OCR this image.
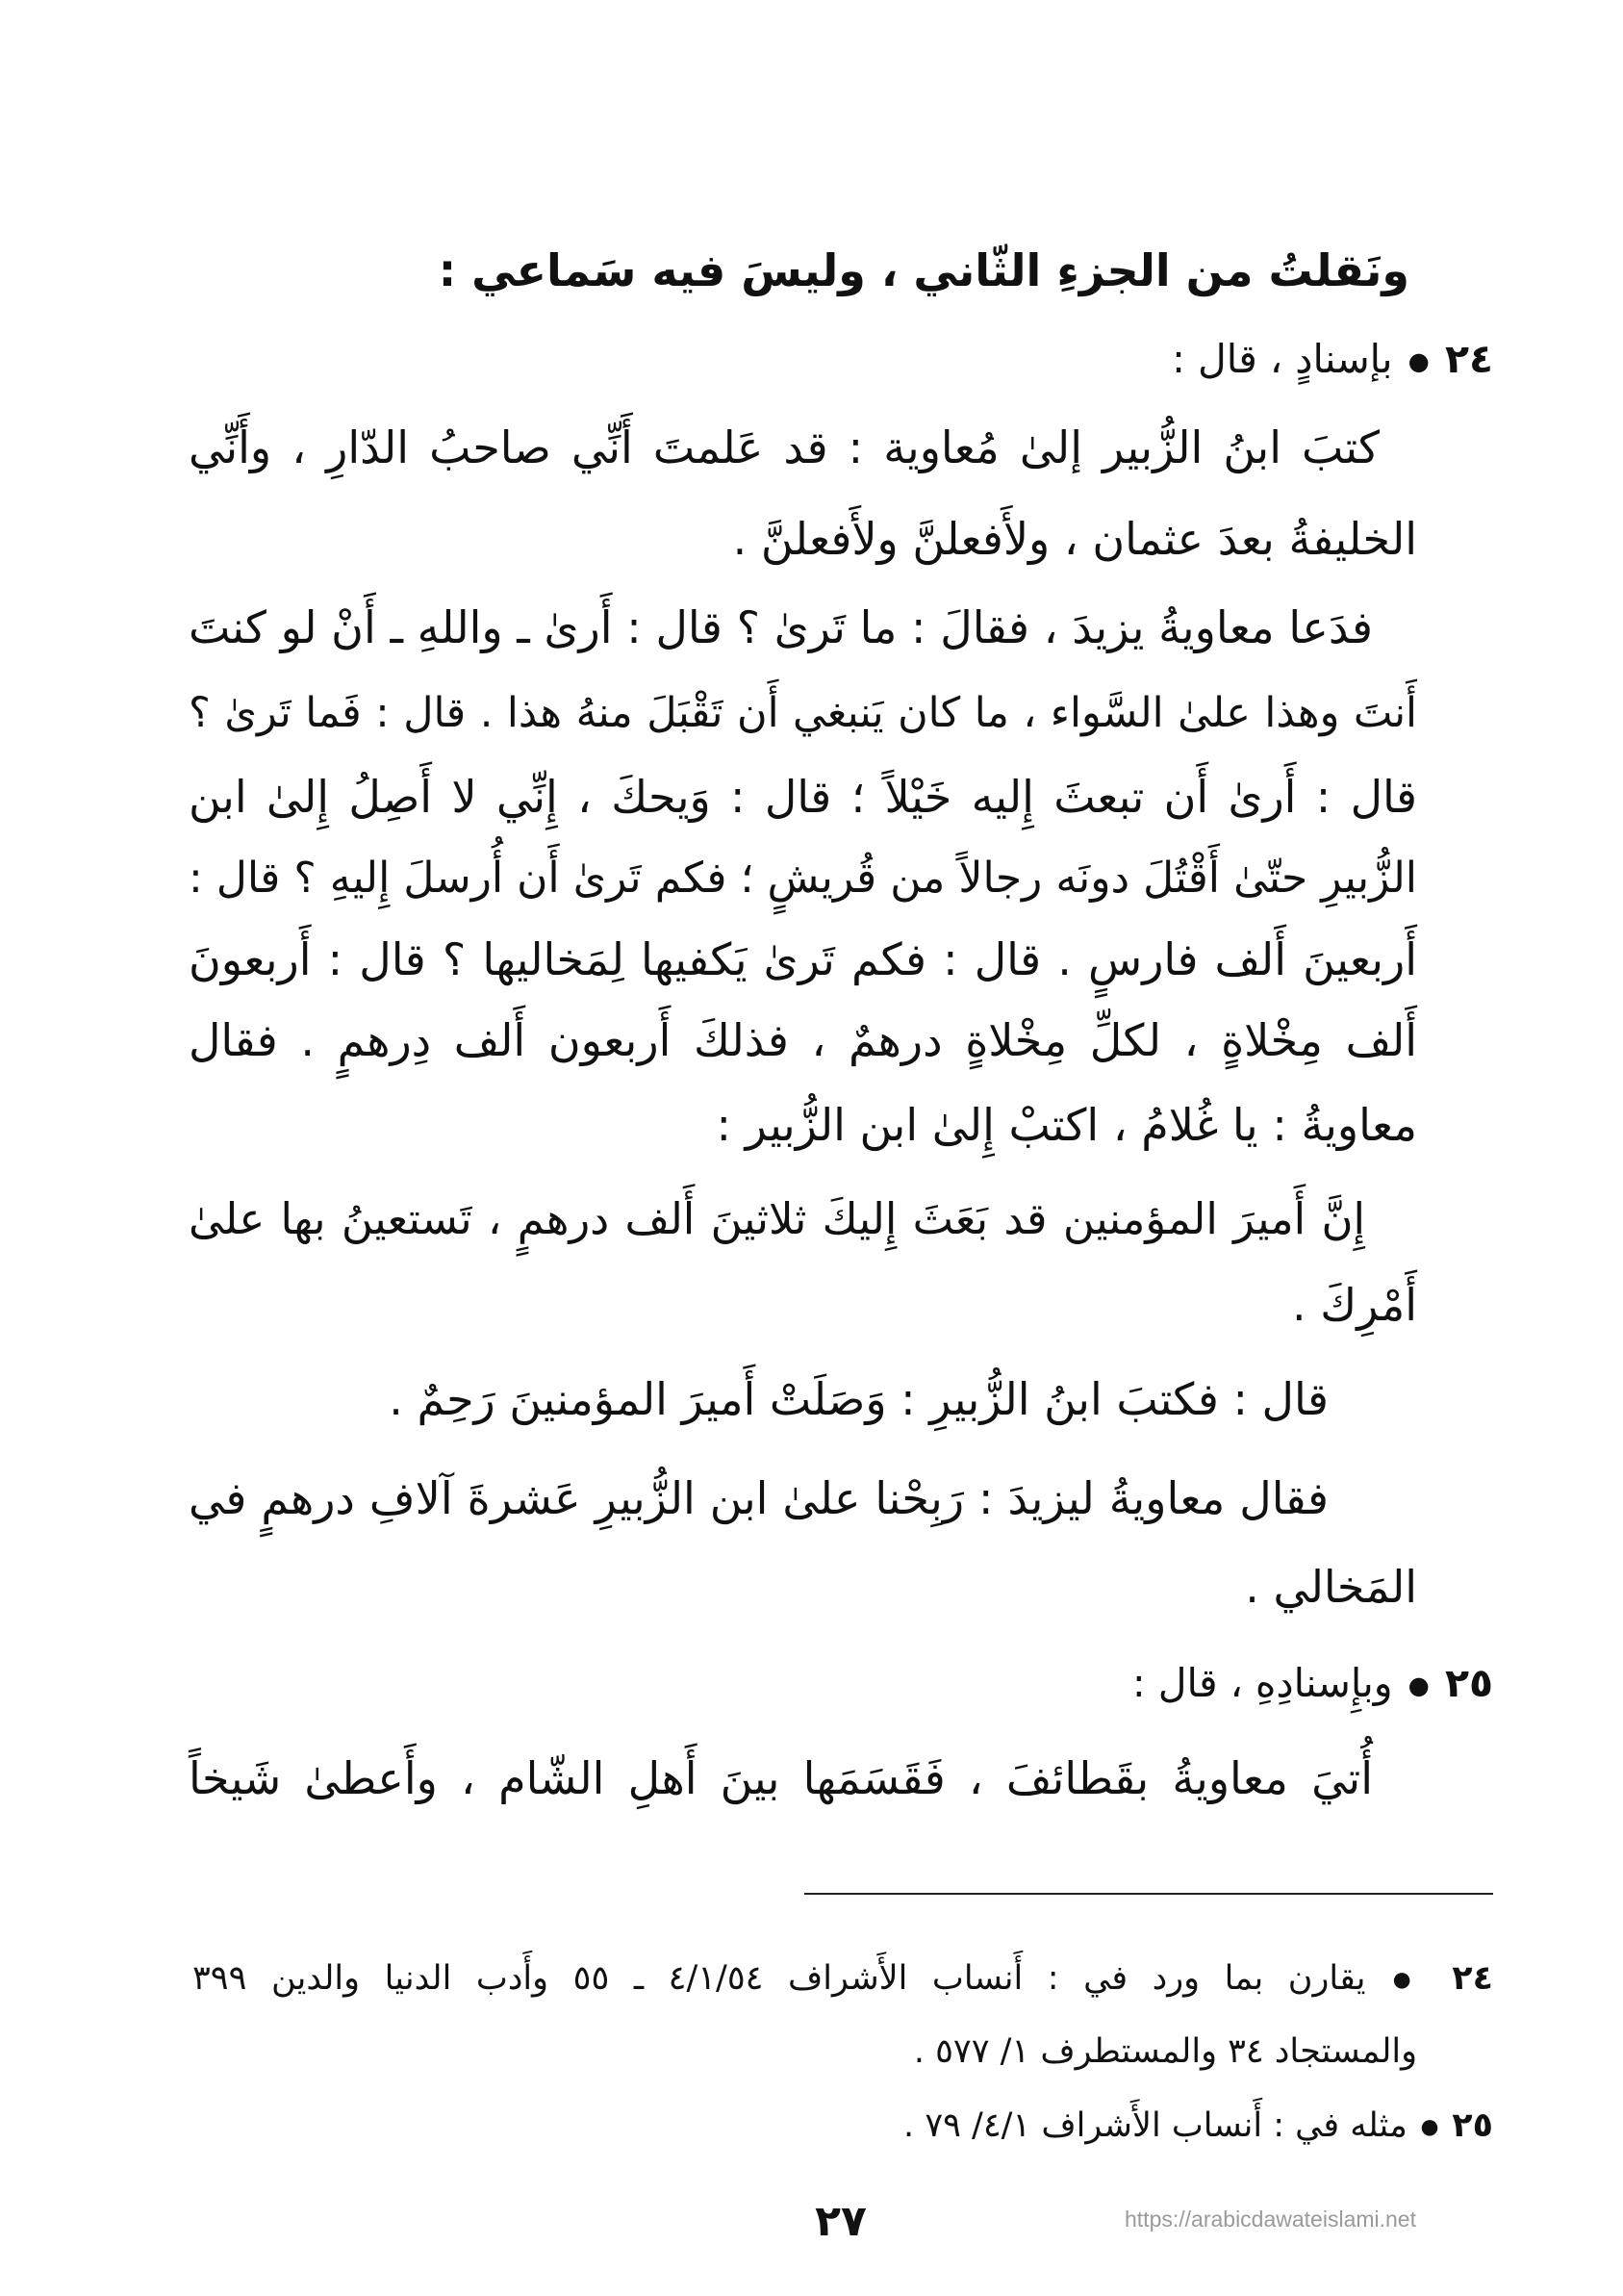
ونَقلتُ من الجزءِ الثّاني ، وليسَ فيه سَماعي :
٢٤ ● بإسنادٍ ، قال :
كتبَ ابنُ الزُّبير إلىٰ مُعاوية : قد عَلمتَ أَنِّي صاحبُ الدّارِ ، وأَنِّي
الخليفةُ بعدَ عثمان ، ولأَفعلنَّ ولأَفعلنَّ .
فدَعا معاويةُ يزيدَ ، فقالَ : ما تَرىٰ ؟ قال : أَرىٰ ـ واللهِ ـ أَنْ لو كنتَ
أَنتَ وهذا علىٰ السَّواء ، ما كان يَنبغي أَن تَقْبَلَ منهُ هذا . قال : فَما تَرىٰ ؟
قال : أَرىٰ أَن تبعثَ إِليه خَيْلاً ؛ قال : وَيحكَ ، إِنِّي لا أَصِلُ إِلىٰ ابن
الزُّبيرِ حتّىٰ أَقْتُلَ دونَه رجالاً من قُريشٍ ؛ فكم تَرىٰ أَن أُرسلَ إِليهِ ؟ قال :
أَربعينَ أَلف فارسٍ . قال : فكم تَرىٰ يَكفيها لِمَخاليها ؟ قال : أَربعونَ
أَلف مِخْلاةٍ ، لكلِّ مِخْلاةٍ درهمٌ ، فذلكَ أَربعون أَلف دِرهمٍ . فقال
معاويةُ : يا غُلامُ ، اكتبْ إِلىٰ ابن الزُّبير :
إِنَّ أَميرَ المؤمنين قد بَعَثَ إِليكَ ثلاثينَ أَلف درهمٍ ، تَستعينُ بها علىٰ
أَمْرِكَ .
قال : فكتبَ ابنُ الزُّبيرِ : وَصَلَتْ أَميرَ المؤمنينَ رَحِمٌ .
فقال معاويةُ ليزيدَ : رَبِحْنا علىٰ ابن الزُّبيرِ عَشرةَ آلافِ درهمٍ في
المَخالي .
٢٥ ● وبإِسنادِهِ ، قال :
أُتيَ معاويةُ بقَطائفَ ، فَقَسَمَها بينَ أَهلِ الشّام ، وأَعطىٰ شَيخاً
٢٤ ● يقارن بما ورد في : أَنساب الأَشراف ٤/١/٥٤ ـ ٥٥ وأَدب الدنيا والدين ٣٩٩
والمستجاد ٣٤ والمستطرف ١/ ٥٧٧ .
٢٥ ● مثله في : أَنساب الأَشراف ٤/١/ ٧٩ .
٢٧	https://arabicdawateislami.net
